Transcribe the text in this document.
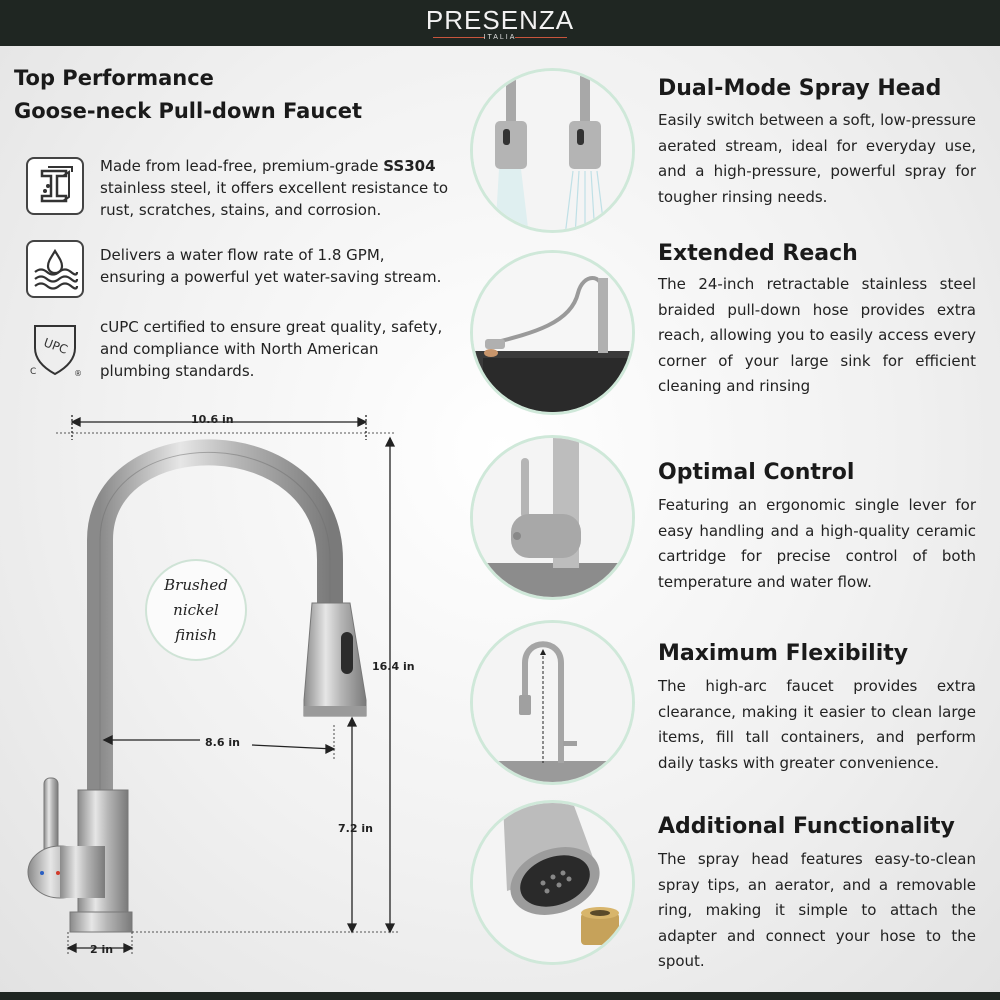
PRESENZA
ITALIA
Top Performance
Goose-neck Pull-down Faucet
Made from lead-free, premium-grade SS304 stainless steel, it offers excellent resistance to rust, scratches, stains, and corrosion.
Delivers a water flow rate of 1.8 GPM, ensuring a powerful yet water-saving stream.
UPC
C	®
cUPC certified to ensure great quality, safety, and compliance with North American plumbing standards.
10.6 in
16.4 in
8.6 in
7.2 in
2 in
Brushed
nickel
finish
Dual-Mode Spray Head
Easily switch between a soft, low-pressure aerated stream, ideal for everyday use, and a high-pressure, powerful spray for tougher rinsing needs.
Extended Reach
The 24-inch retractable stainless steel braided pull-down hose provides extra reach, allowing you to easily access every corner of your large sink for efficient cleaning and rinsing
Optimal Control
Featuring an ergonomic single lever for easy handling and a high-quality ceramic cartridge for precise control of both temperature and water flow.
Maximum Flexibility
The high-arc faucet provides extra clearance, making it easier to clean large items, fill tall containers, and perform daily tasks with greater convenience.
Additional Functionality
The spray head features easy-to-clean spray tips, an aerator, and a removable ring, making it simple to attach the adapter and connect your hose to the spout.
